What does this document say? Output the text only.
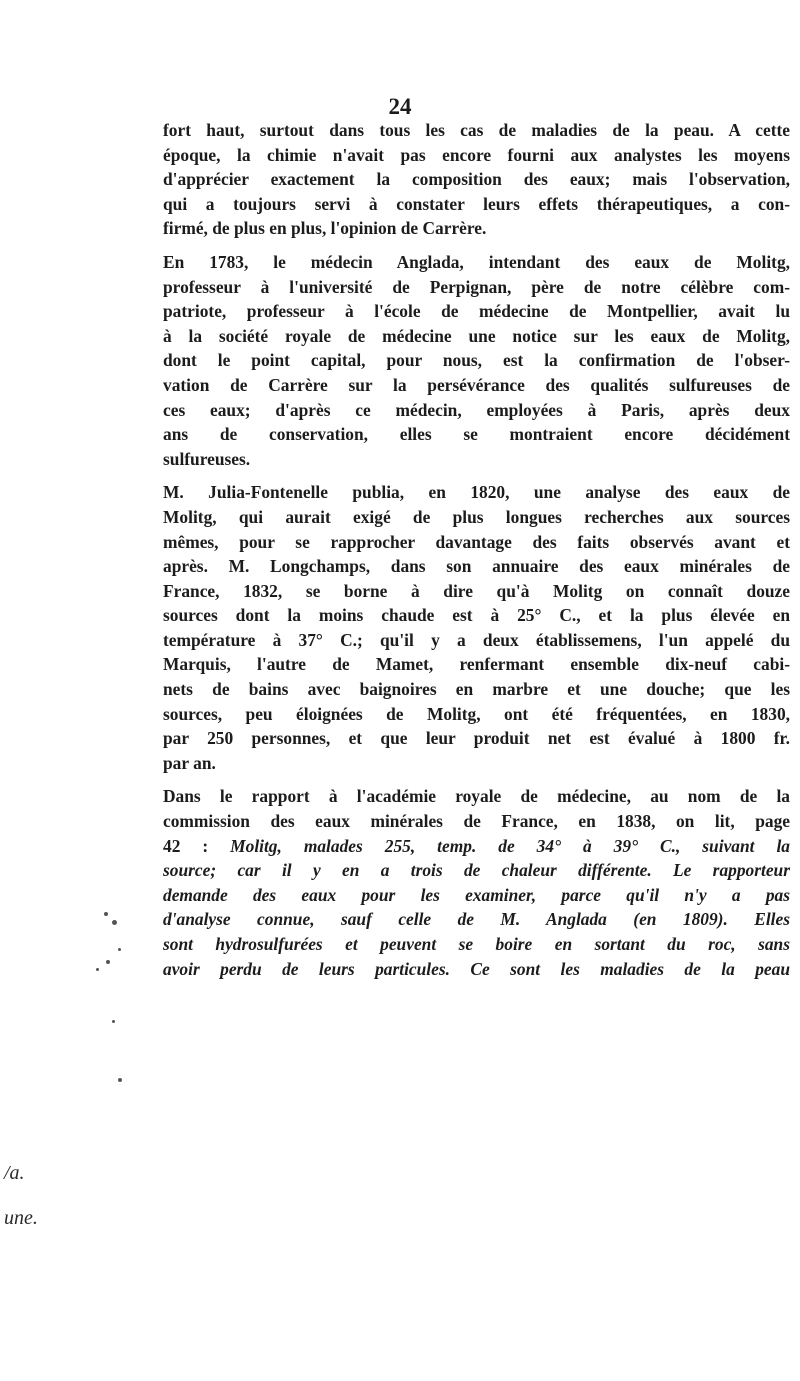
24

fort haut, surtout dans tous les cas de maladies de la peau. A cette
époque, la chimie n'avait pas encore fourni aux analystes les moyens
d'apprécier exactement la composition des eaux; mais l'observation,
qui a toujours servi à constater leurs effets thérapeutiques, a con-
firmé, de plus en plus, l'opinion de Carrère.

En 1783, le médecin Anglada, intendant des eaux de Molitg,
professeur à l'université de Perpignan, père de notre célèbre com-
patriote, professeur à l'école de médecine de Montpellier, avait lu
à la société royale de médecine une notice sur les eaux de Molitg,
dont le point capital, pour nous, est la confirmation de l'obser-
vation de Carrère sur la persévérance des qualités sulfureuses de
ces eaux; d'après ce médecin, employées à Paris, après deux
ans de conservation, elles se montraient encore décidément
sulfureuses.

M. Julia-Fontenelle publia, en 1820, une analyse des eaux de
Molitg, qui aurait exigé de plus longues recherches aux sources
mêmes, pour se rapprocher davantage des faits observés avant et
après. M. Longchamps, dans son annuaire des eaux minérales de
France, 1832, se borne à dire qu'à Molitg on connaît douze
sources dont la moins chaude est à 25° C., et la plus élevée en
température à 37° C.; qu'il y a deux établissemens, l'un appelé du
Marquis, l'autre de Mamet, renfermant ensemble dix-neuf cabi-
nets de bains avec baignoires en marbre et une douche; que les
sources, peu éloignées de Molitg, ont été fréquentées, en 1830,
par 250 personnes, et que leur produit net est évalué à 1800 fr.
par an.

Dans le rapport à l'académie royale de médecine, au nom de la
commission des eaux minérales de France, en 1838, on lit, page
42 : Molitg, malades 255, temp. de 34° à 39° C., suivant la
source; car il y en a trois de chaleur différente. Le rapporteur
demande des eaux pour les examiner, parce qu'il n'y a pas
d'analyse connue, sauf celle de M. Anglada (en 1809). Elles
sont hydrosulfurées et peuvent se boire en sortant du roc, sans
avoir perdu de leurs particules. Ce sont les maladies de la peau

/a.
une.
